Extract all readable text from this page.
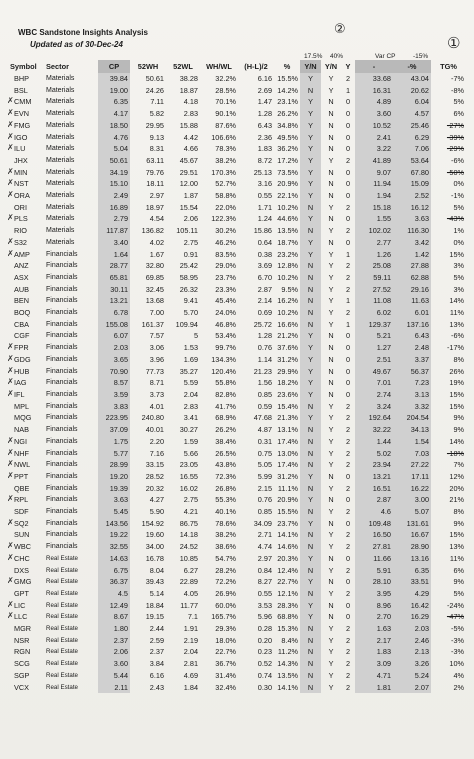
WBC Sandstone Insights Analysis
Updated as of 30-Dec-24
②
①
17.5% 40%	Var CP	-15%
Symbol	Sector	CP	52WH	52WL	WH/WL	(H-L)/2	%	Y/N	Y/N	Y	-	-%	TG%
BHP	Materials	39.84	50.61	38.28	32.2%	6.16	15.5%	Y	Y	2	33.68	43.04	-7%
BSL	Materials	19.00	24.26	18.87	28.5%	2.69	14.2%	N	Y	1	16.31	20.62	-8%
✗ CMM	Materials	6.35	7.11	4.18	70.1%	1.47	23.1%	Y	N	0	4.89	6.04	5%
✗ EVN	Materials	4.17	5.82	2.83	90.1%	1.28	26.2%	Y	N	0	3.60	4.57	6%
✗ FMG	Materials	18.50	29.95	15.88	87.6%	6.43	34.8%	Y	N	0	10.52	25.46	-27%
✗ IGO	Materials	4.76	9.13	4.42	106.6%	2.36	49.5%	Y	N	0	2.41	6.29	-39%
✗ ILU	Materials	5.04	8.31	4.66	78.3%	1.83	36.2%	Y	N	0	3.22	7.06	-29%
JHX	Materials	50.61	63.11	45.67	38.2%	8.72	17.2%	Y	Y	2	41.89	53.64	-6%
✗ MIN	Materials	34.19	79.76	29.51	170.3%	25.13	73.5%	Y	N	0	9.07	67.80	-50%
✗ NST	Materials	15.10	18.11	12.00	52.7%	3.16	20.9%	Y	N	0	11.94	15.09	0%
✗ ORA	Materials	2.49	2.97	1.87	58.8%	0.55	22.1%	Y	N	0	1.94	2.52	-1%
ORI	Materials	16.89	18.97	15.54	22.0%	1.71	10.2%	N	Y	2	15.18	16.12	5%
✗ PLS	Materials	2.79	4.54	2.06	122.3%	1.24	44.6%	Y	N	0	1.55	3.63	-43%
RIO	Materials	117.87	136.82	105.11	30.2%	15.86	13.5%	N	Y	2	102.02	116.30	1%
✗ S32	Materials	3.40	4.02	2.75	46.2%	0.64	18.7%	Y	N	0	2.77	3.42	0%
✗ AMP	Financials	1.64	1.67	0.91	83.5%	0.38	23.2%	Y	Y	1	1.26	1.42	15%
ANZ	Financials	28.77	32.80	25.42	29.0%	3.69	12.8%	N	Y	2	25.08	27.88	3%
ASX	Financials	65.81	69.85	58.95	23.7%	6.70	10.2%	N	Y	2	59.11	62.88	5%
AUB	Financials	30.11	32.45	26.32	23.3%	2.87	9.5%	N	Y	2	27.52	29.16	3%
BEN	Financials	13.21	13.68	9.41	45.4%	2.14	16.2%	N	Y	1	11.08	11.63	14%
BOQ	Financials	6.78	7.00	5.70	24.0%	0.69	10.2%	N	Y	2	6.02	6.01	11%
CBA	Financials	155.08	161.37	109.94	46.8%	25.72	16.6%	N	Y	1	129.37	137.16	13%
CGF	Financials	6.07	7.57	5	53.4%	1.28	21.2%	Y	N	0	5.21	6.43	-6%
✗ FPR	Financials	2.03	3.06	1.53	99.7%	0.76	37.6%	Y	N	0	1.27	2.48	-17%
✗ GDG	Financials	3.65	3.96	1.69	134.3%	1.14	31.2%	Y	N	0	2.51	3.37	8%
✗ HUB	Financials	70.90	77.73	35.27	120.4%	21.23	29.9%	Y	N	0	49.67	56.37	26%
✗ IAG	Financials	8.57	8.71	5.59	55.8%	1.56	18.2%	Y	N	0	7.01	7.23	19%
✗ IFL	Financials	3.59	3.73	2.04	82.8%	0.85	23.6%	Y	N	0	2.74	3.13	15%
MPL	Financials	3.83	4.01	2.83	41.7%	0.59	15.4%	N	Y	2	3.24	3.32	15%
MQG	Financials	223.95	240.80	3.41	68.9%	47.68	21.3%	Y	Y	2	192.64	204.54	9%
NAB	Financials	37.09	40.01	30.27	26.2%	4.87	13.1%	N	Y	2	32.22	34.13	9%
✗ NGI	Financials	1.75	2.20	1.59	38.4%	0.31	17.4%	N	Y	2	1.44	1.54	14%
✗ NHF	Financials	5.77	7.16	5.66	26.5%	0.75	13.0%	N	Y	2	5.02	7.03	-18%
✗ NWL	Financials	28.99	33.15	23.05	43.8%	5.05	17.4%	N	Y	2	23.94	27.22	7%
✗ PPT	Financials	19.20	28.52	16.55	72.3%	5.99	31.2%	Y	N	0	13.21	17.11	12%
QBE	Financials	19.39	20.32	16.02	26.8%	2.15	11.1%	N	Y	2	16.51	16.22	20%
✗ RPL	Financials	3.63	4.27	2.75	55.3%	0.76	20.9%	Y	N	0	2.87	3.00	21%
SDF	Financials	5.45	5.90	4.21	40.1%	0.85	15.5%	N	Y	2	4.6	5.07	8%
✗ SQ2	Financials	143.56	154.92	86.75	78.6%	34.09	23.7%	Y	N	0	109.48	131.61	9%
SUN	Financials	19.22	19.60	14.18	38.2%	2.71	14.1%	N	Y	2	16.50	16.67	15%
✗ WBC	Financials	32.55	34.00	24.52	38.6%	4.74	14.6%	N	Y	2	27.81	28.90	13%
✗ CHC	Real Estate	14.63	16.78	10.85	54.7%	2.97	20.3%	Y	N	0	11.66	13.16	11%
DXS	Real Estate	6.75	8.04	6.27	28.2%	0.84	12.4%	N	Y	2	5.91	6.35	6%
✗ GMG	Real Estate	36.37	39.43	22.89	72.2%	8.27	22.7%	Y	N	0	28.10	33.51	9%
GPT	Real Estate	4.5	5.14	4.05	26.9%	0.55	12.1%	N	Y	2	3.95	4.29	5%
✗ LIC	Real Estate	12.49	18.84	11.77	60.0%	3.53	28.3%	Y	N	0	8.96	16.42	-24%
✗ LLC	Real Estate	8.67	19.15	7.1	165.7%	5.96	68.8%	Y	N	0	2.70	16.29	-47%
MGR	Real Estate	1.80	2.44	1.91	29.3%	0.28	15.3%	N	Y	2	1.63	2.03	-5%
NSR	Real Estate	2.37	2.59	2.19	18.0%	0.20	8.4%	N	Y	2	2.17	2.46	-3%
RGN	Real Estate	2.06	2.37	2.04	22.7%	0.23	11.2%	N	Y	2	1.83	2.13	-3%
SCG	Real Estate	3.60	3.84	2.81	36.7%	0.52	14.3%	N	Y	2	3.09	3.26	10%
SGP	Real Estate	5.44	6.16	4.69	31.4%	0.74	13.5%	N	Y	2	4.71	5.24	4%
VCX	Real Estate	2.11	2.43	1.84	32.4%	0.30	14.1%	N	Y	2	1.81	2.07	2%
